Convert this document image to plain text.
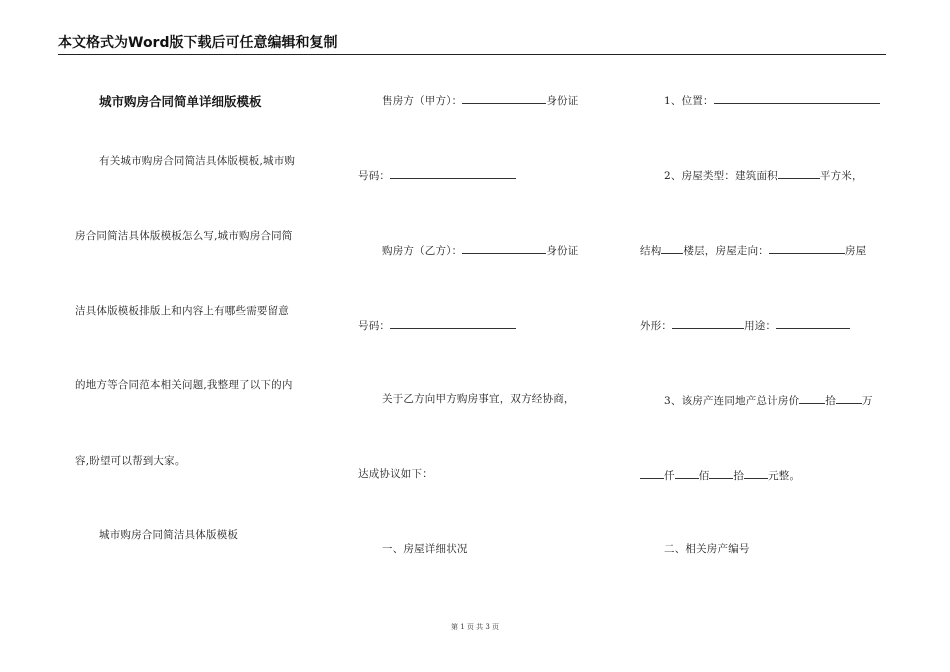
本文格式为Word版下载后可任意编辑和复制
城市购房合同简单详细版模板
有关城市购房合同简洁具体版模板,城市购
房合同简洁具体版模板怎么写,城市购房合同简
洁具体版模板排版上和内容上有哪些需要留意
的地方等合同范本相关问题,我整理了以下的内
容,盼望可以帮到大家。
城市购房合同简洁具体版模板
售房方（甲方）：	身份证
号码：
购房方（乙方）：	身份证
号码：
关于乙方向甲方购房事宜，双方经协商，
达成协议如下：
一、房屋详细状况
1、位置：
2、房屋类型：建筑面积	平方米，
结构 楼层，房屋走向：	房屋
外形：	用途：
3、该房产连同地产总计房价 拾 万
仟 佰 拾 元整。
二、相关房产编号
第 1 页 共 3 页
